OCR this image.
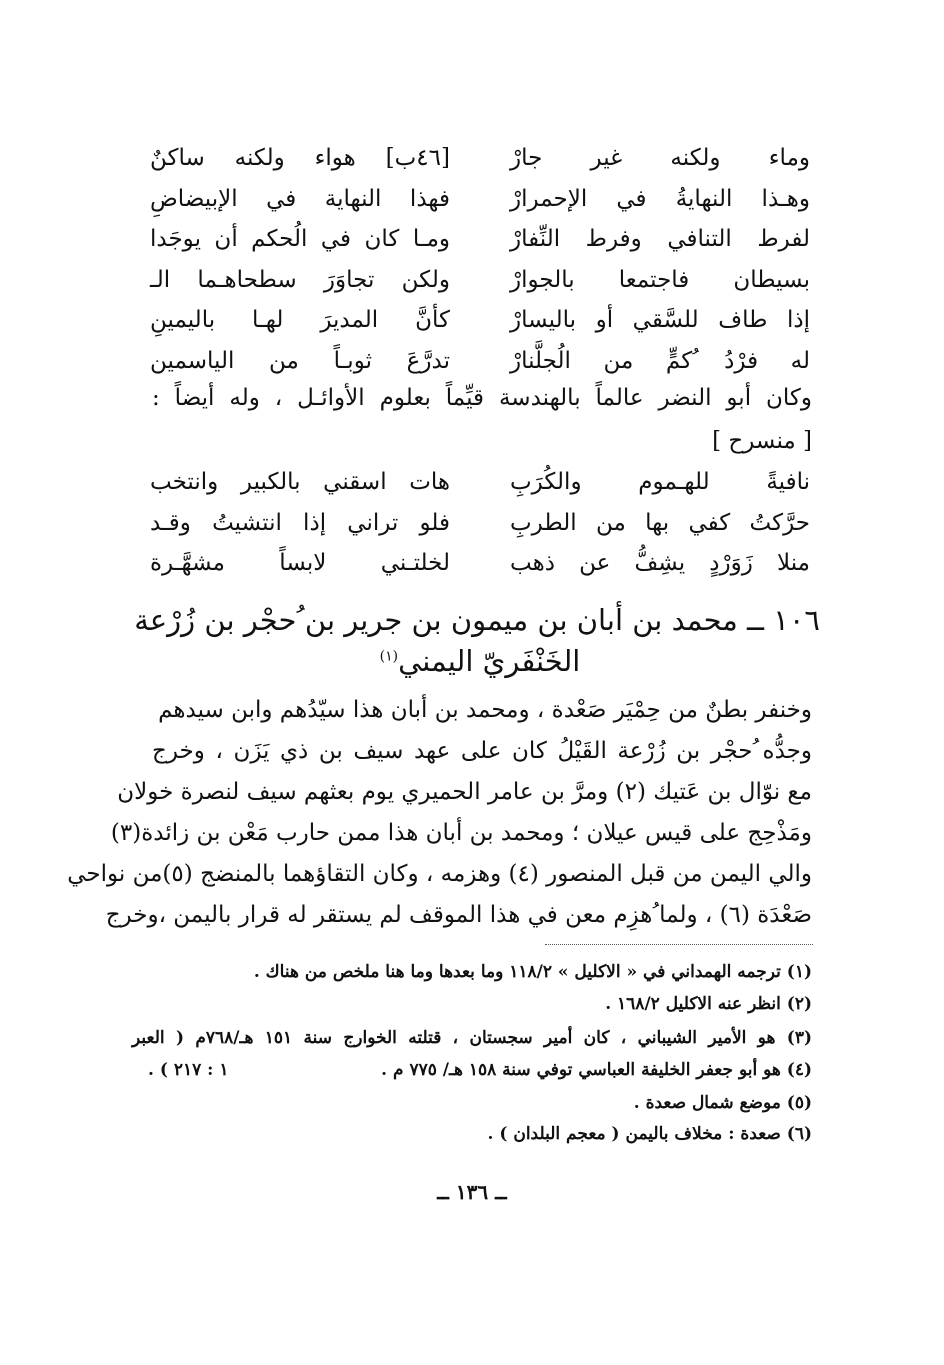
[٤٦ب] هواء ولكنه ساكنٌ	وماء ولكنه غير جارْ
فهذا النهاية في الإبيضاضِ	وهـذا النهايةُ في الإحمرارْ
ومـا كان في الُحكم أن يوجَدا	لفرط التنافي وفرط النِّفارْ
ولكن تجاوَرَ سطحاهـما الـ	بسيطان فاجتمعا بالجوارْ
كأنَّ المديرَ لهـا باليمينِ	إذا طاف للسَّقي أو باليسارْ
تدرَّعَ ثوبـاً من الياسمين	له فرْدُ ُكمٍّ من الُجلَّنارْ
وكان أبو النضر عالماً بالهندسة قيِّماً بعلوم الأوائـل ، وله أيضاً :
[ منسرح ]
هات اسقني بالكبير وانتخب	نافيةً للهـموم والكُرَبِ
فلو تراني إذا انتشيتُ وقـد	حرَّكتُ كفي بها من الطربِ
لخلتـني لابساً مشهَّـرة	منلا زَوَرْدٍ يشِفُّ عن ذهب
١٠٦ ــ محمد بن أبان بن ميمون بن جرير بن ُحجْر بن زُرْعة
الخَنْفَريّ اليمني$^{(١)}$
وخنفر بطنٌ من حِمْيَر صَعْدة ، ومحمد بن أبان هذا سيّدُهم وابن سيدهم
وجدُّه ُحجْر بن زُرْعة القَيْلُ كان على عهد سيف بن ذي يَزَن ، وخرج
مع نوّال بن عَتيك (٢) ومرَّ بن عامر الحميري يوم بعثهم سيف لنصرة خولان
ومَذْحِج على قيس عيلان ؛ ومحمد بن أبان هذا ممن حارب مَعْن بن زائدة(٣)
والي اليمن من قبل المنصور (٤) وهزمه ، وكان التقاؤهما بالمنضج (٥)من نواحي
صَعْدَة (٦) ، ولما ُهزِم معن في هذا الموقف لم يستقر له قرار باليمن ،وخرج
(١) ترجمه الهمداني في « الاكليل » ١١٨/٢ وما بعدها وما هنا ملخص من هناك .
(٢) انظر عنه الاكليل ١٦٨/٢ .
(٣) هو الأمير الشيباني ، كان أمير سجستان ، قتلته الخوارج سنة ١٥١ هـ/٧٦٨م ( العبر
(٤) هو أبو جعفر الخليفة العباسي توفي سنة ١٥٨ هـ/ ٧٧٥ م .
١ : ٢١٧ ) .
(٥) موضع شمال صعدة .
(٦) صعدة : مخلاف باليمن ( معجم البلدان ) .
ــ ١٣٦ ــ
